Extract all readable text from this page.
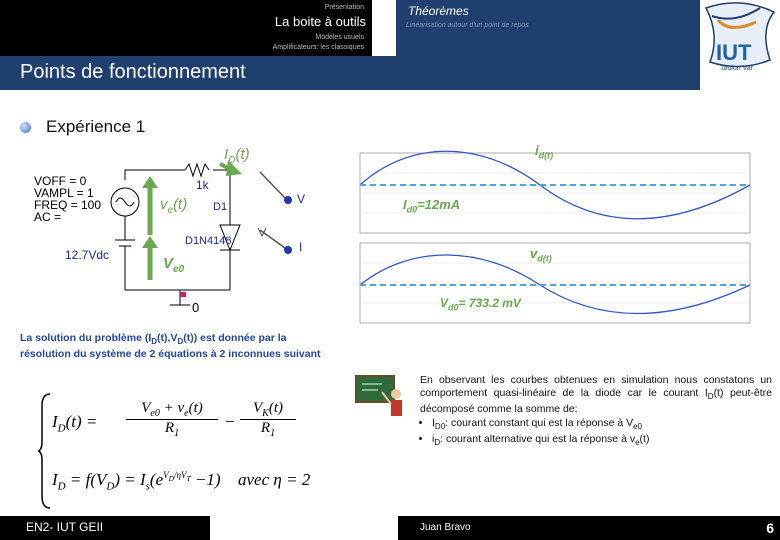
Présentation
La boite à outils
Modèles usuels
Amplificateurs: les classiques
Théorèmes
Linéarisation autour d'un point de repos
Points de fonctionnement
IUT
Toulon Var
Expérience 1
VOFF = 0
VAMPL = 1
FREQ = 100
AC =
1k
D1
D1N4148
12.7Vdc
0
V
I
$I_D(t)$
$v_e(t)$
$V_{e0}$
$i_{d(t)}$
$I_{d0}=12mA$
$v_{d(t)}$
$V_{d0}= 733.2$ mV
La solution du problème $(I_D(t),V_D(t))$ est donnée par la résolution du système de 2 équations à 2 inconnues suivant
$I_D(t)$ =
$V_{e0} + v_e(t)$
$R_1$
−
$V_K(t)$
$R_1$
$I_D = f(V_D) = I_s(e^{V_D/\eta V_T} -1)$ avec η = 2
En observant les courbes obtenues en simulation nous constatons un comportement quasi-linéaire de la diode car le courant $I_D(t)$ peut-être décomposé comme la somme de:
• $I_{D0}$: courant constant qui est la réponse à $V_{e0}$
• $i_D$: courant alternative qui est la réponse à $v_e(t)$
EN2- IUT GEII	Juan Bravo	6
